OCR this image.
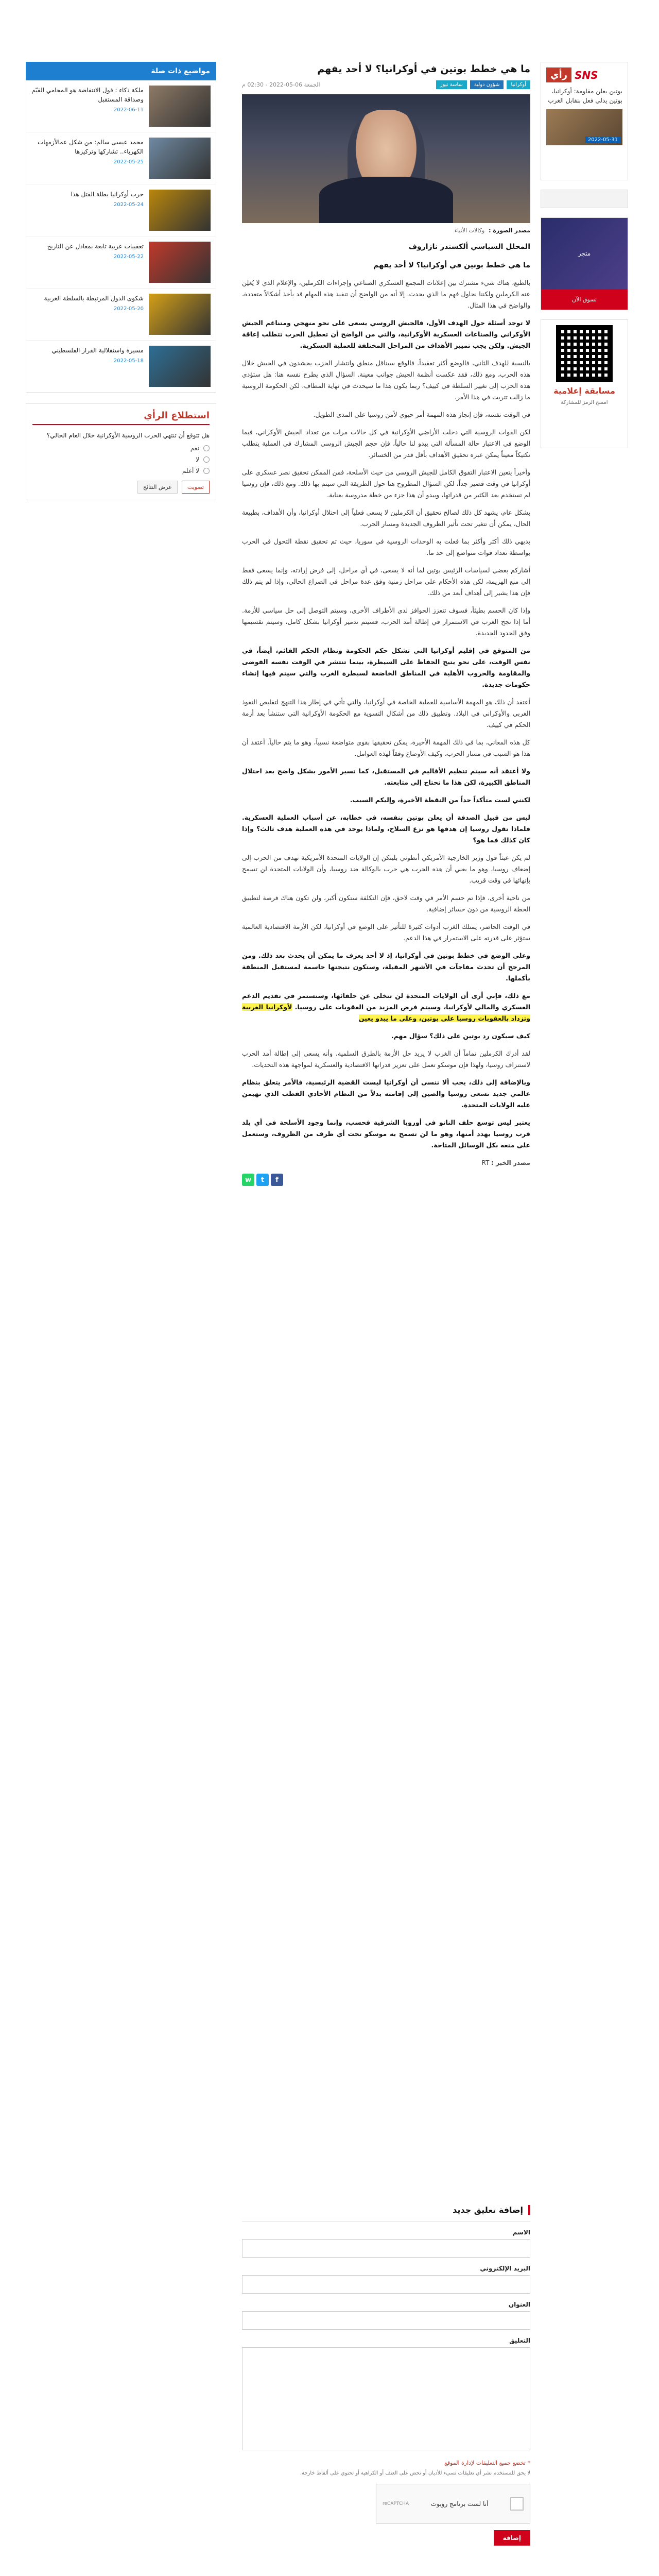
SNS
رأي
بوتين يعلن مقاومة: أوكرانيا، بوتين يدلي فعل بنقابل الغرب
2022-05-31
متجر
تسوق الآن
مسابقة إعلامية
امسح الرمز للمشاركة
ما هي خطط بوتين في أوكرانيا؟ لا أحد يفهم
ساسة نيوز	شؤون دولية	أوكرانيا
الجمعة 06-05-2022 - 02:30 م
مصدر الصورة :
وكالات الأنباء
المحلل السياسي ألكسندر نازاروف
ما هي خطط بوتين في أوكرانيا؟ لا أحد يفهم

بالطبع، هناك شيء مشترك بين إعلانات المجمع العسكري الصناعي وإجراءات الكرملين، والإعلام الذي لا يُعلِن عنه الكرملين ولكننا نحاول فهم ما الذي يحدث. إلا أنه من الواضح أن تنفيذ هذه المهام قد يأخذ أشكالاً متعددة، والواضح في هذا المثال.

لا توجد أسئلة حول الهدف الأول، فالجيش الروسي يسعى على نحو منهجي ومتناغم الجيش الأوكراني والصناعات العسكرية الأوكرانية، والتي من الواضح أن تعطيل الحرب تتطلب إعاقة الجيش. ولكن يجب تمييز الأهداف من المراحل المختلفة للعملية العسكرية.

بالنسبة للهدف الثاني، فالوضع أكثر تعقيداً. فالوقع سيناقل منطق وانتشار الحزب يحشدون في الجيش خلال هذه الحرب، ومع ذلك، فقد عكست أنظمة الجيش جوانب معينة. السؤال الذي يطرح نفسه هنا: هل ستؤدي هذه الحرب إلى تغيير السلطة في كييف؟ ربما يكون هذا ما سيحدث في نهاية المطاف، لكن الحكومة الروسية ما زالت تتريث في هذا الأمر.

في الوقت نفسه، فإن إنجاز هذه المهمة أمر حيوي لأمن روسيا على المدى الطويل.

لكن القوات الروسية التي دخلت الأراضي الأوكرانية في كل حالات مرات من تعداد الجيش الأوكراني، فيما الوضع في الاعتبار حالة المسألة التي يبدو لنا حالياً، فإن حجم الجيش الروسي المشارك في العملية يتطلب تكتيكاً معيناً يمكن عبره تحقيق الأهداف بأقل قدر من الخسائر.

وأخيراً يتعين الاعتبار التفوق الكامل للجيش الروسي من حيث الأسلحة، فمن الممكن تحقيق نصر عسكري على أوكرانيا في وقت قصير جداً، لكن السؤال المطروح هنا حول الطريقة التي سيتم بها ذلك. ومع ذلك، فإن روسيا لم تستخدم بعد الكثير من قدراتها، ويبدو أن هذا جزء من خطة مدروسة بعناية.

بشكل عام، يشهد كل ذلك لصالح تحقيق أن الكرملين لا يسعى فعلياً إلى احتلال أوكرانيا، وأن الأهداف، بطبيعة الحال، يمكن أن تتغير تحت تأثير الظروف الجديدة ومسار الحرب.

بديهي ذلك أكثر وأكثر بما فعلت به الوحدات الروسية في سوريا، حيث تم تحقيق نقطة التحول في الحرب بواسطة تعداد قوات متواضع إلى حد ما.

أشاركم بعضي لسياسات الرئيس بوتين لما أنه لا يسعى، في أي مراحل، إلى فرض إرادته، وإنما يسعى فقط إلى منع الهزيمة، لكن هذه الأحكام على مراحل زمنية وفق عدة مراحل في الصراع الحالي، وإذا لم يتم ذلك فإن هذا يشير إلى أهداف أبعد من ذلك.

وإذا كان الحسم بطيئاً، فسوف تتعزز الحوافز لدى الأطراف الأخرى، وسيتم التوصل إلى حل سياسي للأزمة. أما إذا نجح الغرب في الاستمرار في إطالة أمد الحرب، فسيتم تدمير أوكرانيا بشكل كامل، وسيتم تقسيمها وفق الحدود الجديدة.

من المتوقع في إقليم أوكرانيا التي تشكل حكم الحكومة ونظام الحكم القائم، أيضاً، في نفس الوقت، على نحو يتيح الحفاظ على السيطرة، بينما تنتشر في الوقت نفسه الفوضى والمقاومة والحروب الأهلية في المناطق الخاضعة لسيطرة الغرب والتي سيتم فيها إنشاء حكومات جديدة.

أعتقد أن ذلك هو المهمة الأساسية للعملية الخاصة في أوكرانيا، والتي تأتي في إطار هذا التنهج لتقليص النفوذ الغربي والأوكراني في البلاد. وتطبيق ذلك من أشكال التسوية مع الحكومة الأوكرانية التي ستنشأ بعد أزمة الحكم في كييف.

كل هذه المعاني، بما في ذلك المهمة الأخيرة، يمكن تحقيقها بقوى متواضعة نسبياً، وهو ما يتم حالياً. أعتقد أن هذا هو السبب في مسار الحرب، وكيف الأوضاع وفقاً لهذه العوامل.

ولا أعتقد أنه سيتم تنظيم الأقاليم في المستقبل، كما تسير الأمور بشكل واضح بعد احتلال المناطق الكبيرة، لكن هذا ما نحتاج إلى متابعته.

لكنني لست متأكداً حداً من النقطة الأخيرة، وإليكم السبب.

ليس من قبيل الصدفة أن يعلن بوتين بنفسه، في خطابه، عن أسباب العملية العسكرية. فلماذا تقول روسيا إن هدفها هو نزع السلاح، ولماذا يوجد في هذه العملية هدف ثالث؟ وإذا كان كذلك فما هو؟

لم يكن عبثاً قول وزير الخارجية الأمريكي أنطوني بلينكن إن الولايات المتحدة الأمريكية تهدف من الحرب إلى إضعاف روسيا، وهو ما يعني أن هذه الحرب هي حرب بالوكالة ضد روسيا، وأن الولايات المتحدة لن تسمح بإنهائها في وقت قريب.

من ناحية أخرى، فإذا تم حسم الأمر في وقت لاحق، فإن التكلفة ستكون أكبر، ولن تكون هناك فرصة لتطبيق الخطة الروسية من دون خسائر إضافية.

في الوقت الحاضر، يمتلك الغرب أدوات كثيرة للتأثير على الوضع في أوكرانيا، لكن الأزمة الاقتصادية العالمية ستؤثر على قدرته على الاستمرار في هذا الدعم.

وعلى الوضع في خطط بوتين في أوكرانيا، إذ لا أحد يعرف ما يمكن أن يحدث بعد ذلك. ومن المرجح أن تحدث مفاجآت في الأشهر المقبلة، وستكون نتيجتها حاسمة لمستقبل المنطقة بأكملها.

مع ذلك، فإني أرى أن الولايات المتحدة لن تتخلى عن حلفائها، وستستمر في تقديم الدعم العسكري والمالي لأوكرانيا، وسيتم فرض المزيد من العقوبات على روسيا. لأوكرانيا الغربية وتزداد بالعقوبات روسيا على بوتين، وعلى ما يبدو يعين

كيف سيكون رد بوتين على ذلك؟ سؤال مهم.

لقد أدرك الكرملين تماماً أن الغرب لا يريد حل الأزمة بالطرق السلمية، وأنه يسعى إلى إطالة أمد الحرب لاستنزاف روسيا، ولهذا فإن موسكو تعمل على تعزيز قدراتها الاقتصادية والعسكرية لمواجهة هذه التحديات.

وبالإضافة إلى ذلك، يجب ألا ننسى أن أوكرانيا ليست القضية الرئيسية، فالأمر يتعلق بنظام عالمي جديد تسعى روسيا والصين إلى إقامته بدلاً من النظام الأحادي القطب الذي تهيمن عليه الولايات المتحدة.

يعتبر ليس توسع حلف الناتو في أوروبا الشرقية فحسب، وإنما وجود الأسلحة في أي بلد قرب روسيا يهدد أمنها، وهو ما لن تسمح به موسكو تحت أي ظرف من الظروف، وستعمل على منعه بكل الوسائل المتاحة.

مصدر الخبر : RT
f
t
w
إضافة تعليق جديد
الاسم
البريد الإلكتروني
العنوان
التعليق
* تخضع جميع التعليقات لإدارة الموقع
لا يحق للمستخدم نشر أي تعليقات تسيء للأديان أو تحض على العنف أو الكراهية أو تحتوي على ألفاظ خارجة.
أنا لست برنامج روبوت
reCAPTCHA
إضافة
مواضيع ذات صلة
ملكة ذكاء : قول الانتفاضة هو المحامي القيّم وصداقة المستقبل
2022-06-11
محمد عيسى سالم: من شكل عمالأزمهات الكهرباء.. تشاركها وتركيزها
2022-05-25
حرب أوكرانيا بطلة القتل هذا
2022-05-24
تعقيبات عربية تابعة بمعادل عن التاريخ
2022-05-22
شكوى الدول المرتبطة بالسلطة الغربية
2022-05-20
مسيرة واستقلالية القرار الفلسطيني
2022-05-18
استطلاع الرأي
هل تتوقع أن تنتهي الحرب الروسية الأوكرانية خلال العام الحالي؟
نعم
لا
لا أعلم
تصويت
عرض النتائج
